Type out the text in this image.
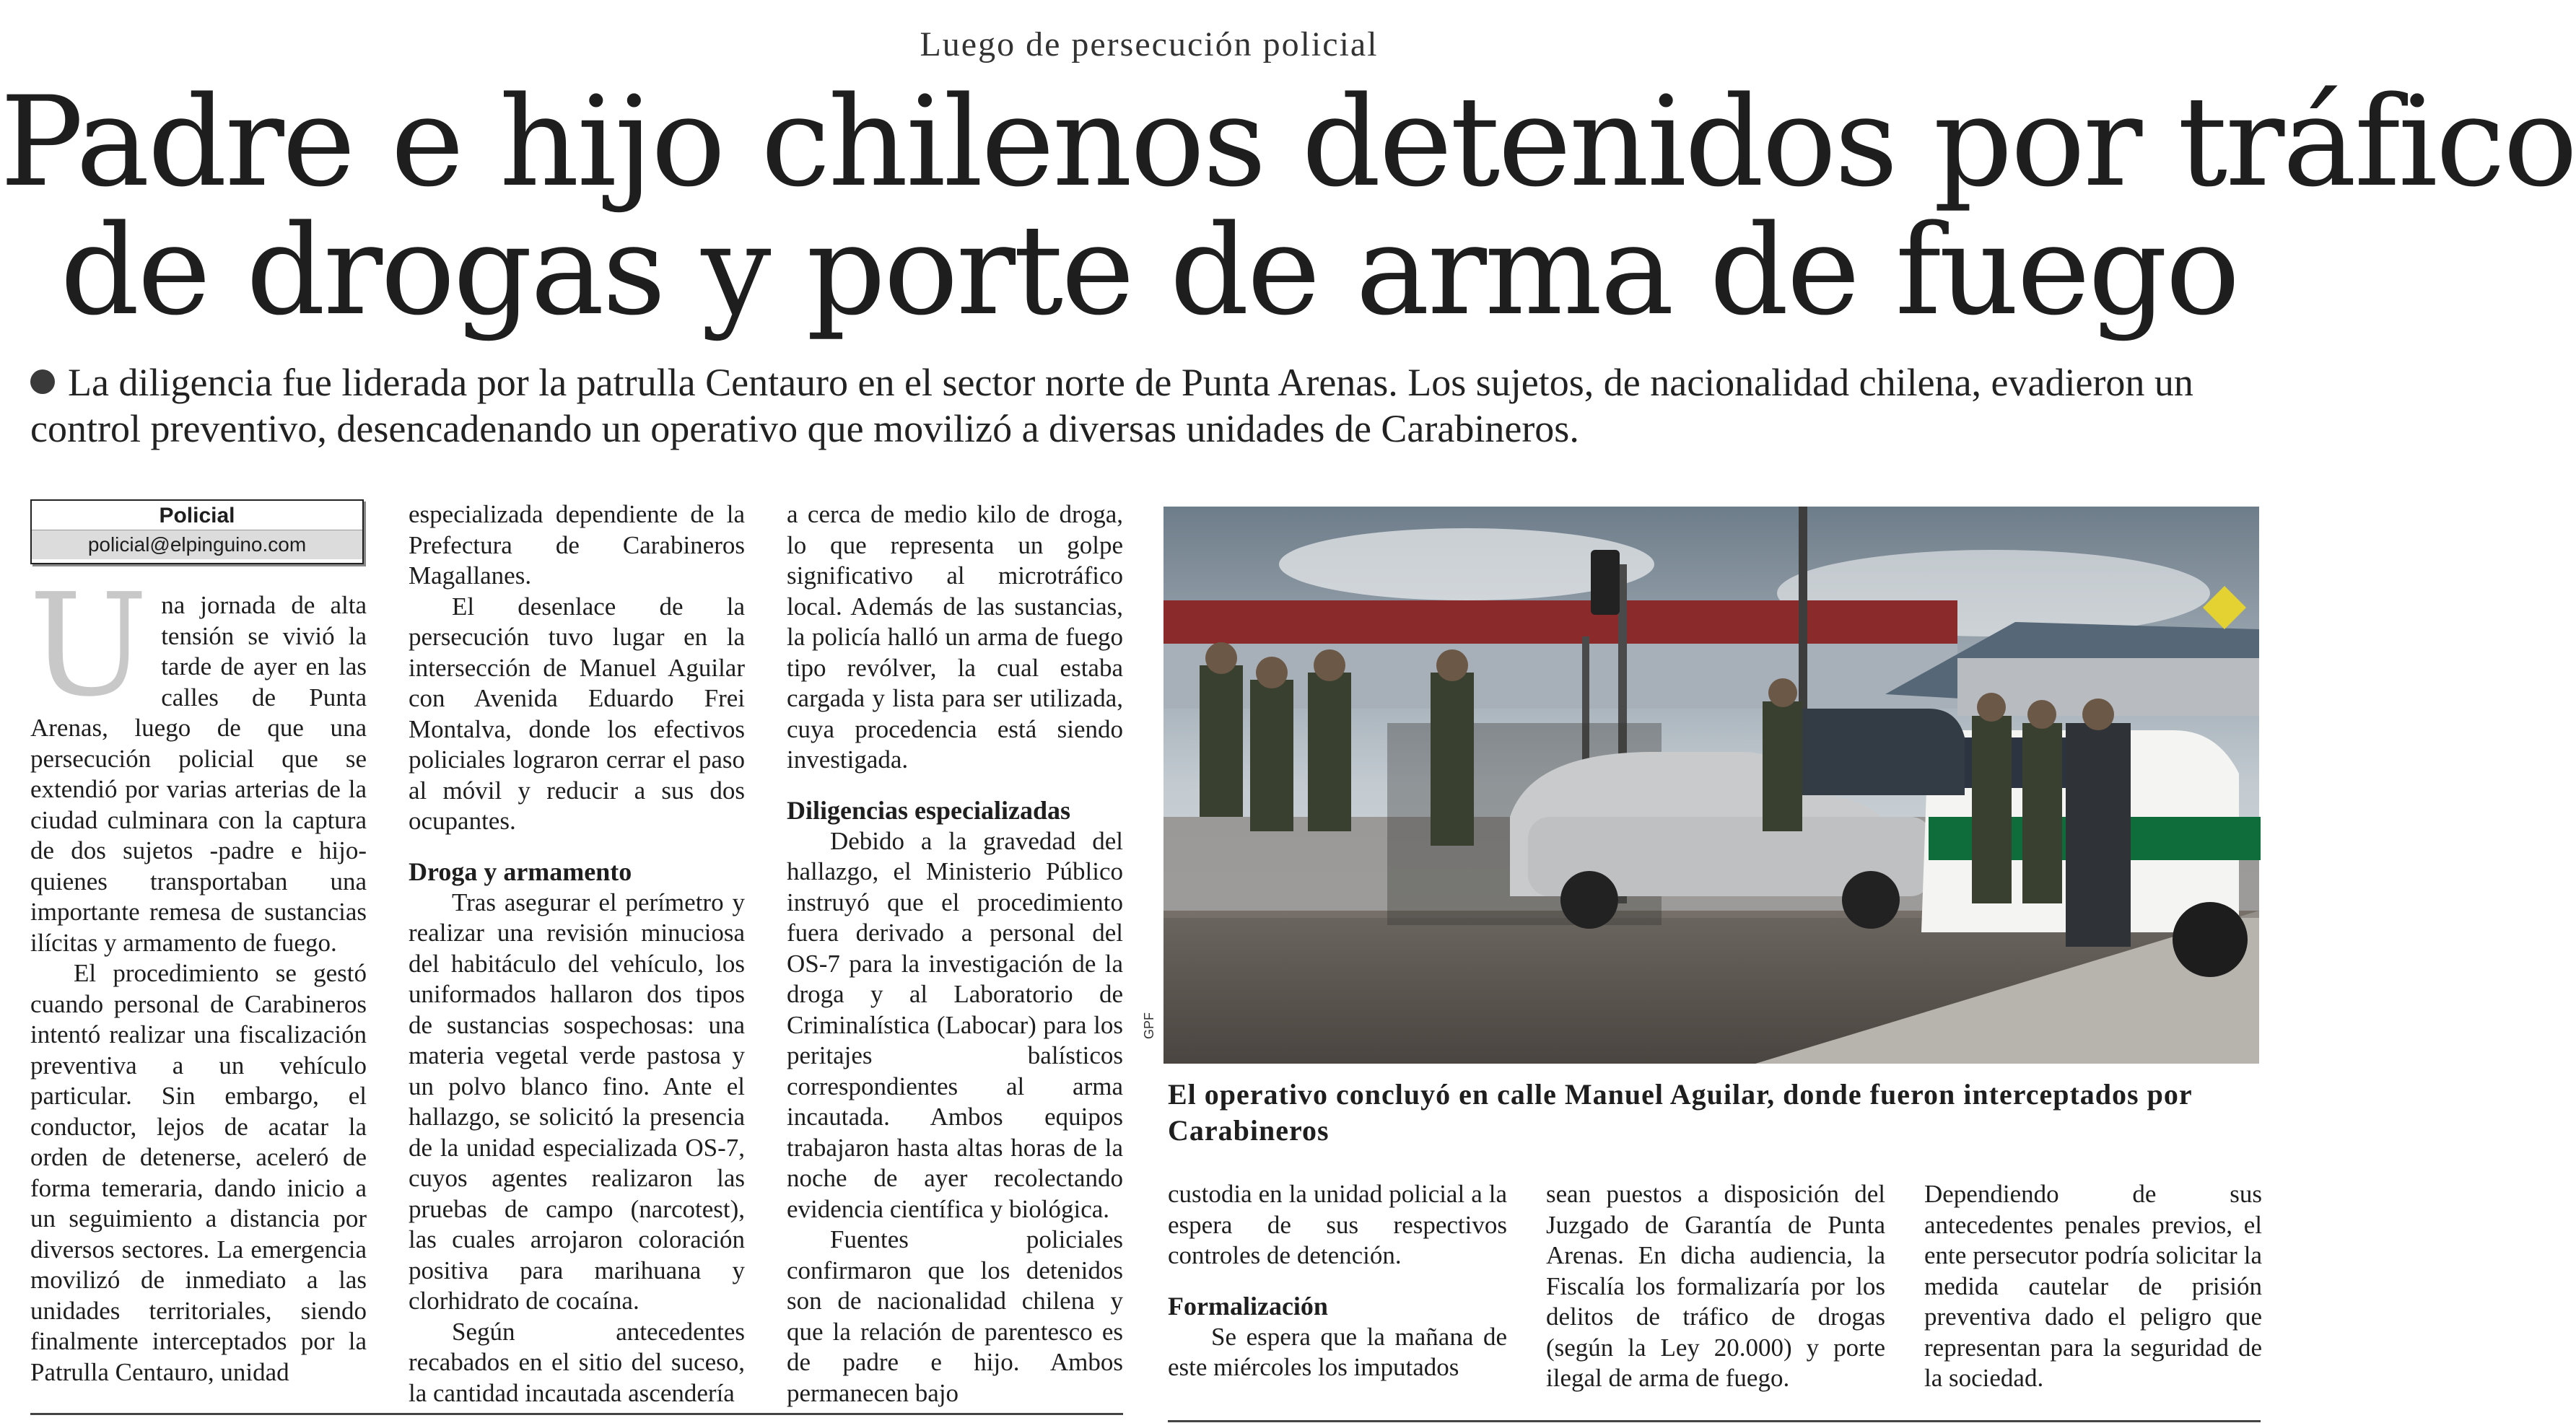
Luego de persecución policial
Padre e hijo chilenos detenidos por tráfico
de drogas y porte de arma de fuego
La diligencia fue liderada por la patrulla Centauro en el sector norte de Punta Arenas. Los sujetos, de nacionalidad chilena, evadieron un control preventivo, desencadenando un operativo que movilizó a diversas unidades de Carabineros.
Policial
policial@elpinguino.com
U na jornada de alta tensión se vivió la tarde de ayer en las calles de Punta Arenas, luego de que una persecución policial que se extendió por varias arterias de la ciudad culminara con la captura de dos sujetos -padre e hijo- quienes transportaban una importante remesa de sustancias ilícitas y armamento de fuego.

El procedimiento se gestó cuando personal de Carabineros intentó realizar una fiscalización preventiva a un vehículo particular. Sin embargo, el conductor, lejos de acatar la orden de detenerse, aceleró de forma temeraria, dando inicio a un seguimiento a distancia por diversos sectores. La emergencia movilizó de inmediato a las unidades territoriales, siendo finalmente interceptados por la Patrulla Centauro, unidad

especializada dependiente de la Prefectura de Carabineros Magallanes.

El desenlace de la persecución tuvo lugar en la intersección de Manuel Aguilar con Avenida Eduardo Frei Montalva, donde los efectivos policiales lograron cerrar el paso al móvil y reducir a sus dos ocupantes.

Droga y armamento

Tras asegurar el perímetro y realizar una revisión minuciosa del habitáculo del vehículo, los uniformados hallaron dos tipos de sustancias sospechosas: una materia vegetal verde pastosa y un polvo blanco fino. Ante el hallazgo, se solicitó la presencia de la unidad especializada OS-7, cuyos agentes realizaron las pruebas de campo (narcotest), las cuales arrojaron coloración positiva para marihuana y clorhidrato de cocaína.

Según antecedentes recabados en el sitio del suceso, la cantidad incautada ascendería

a cerca de medio kilo de droga, lo que representa un golpe significativo al microtráfico local. Además de las sustancias, la policía halló un arma de fuego tipo revólver, la cual estaba cargada y lista para ser utilizada, cuya procedencia está siendo investigada.

Diligencias especializadas

Debido a la gravedad del hallazgo, el Ministerio Público instruyó que el procedimiento fuera derivado a personal del OS-7 para la investigación de la droga y al Laboratorio de Criminalística (Labocar) para los peritajes balísticos correspondientes al arma incautada. Ambos equipos trabajaron hasta altas horas de la noche de ayer recolectando evidencia científica y biológica.

Fuentes policiales confirmaron que los detenidos son de nacionalidad chilena y que la relación de parentesco es de padre e hijo. Ambos permanecen bajo

GPF
El operativo concluyó en calle Manuel Aguilar, donde fueron interceptados por Carabineros

custodia en la unidad policial a la espera de sus respectivos controles de detención.

Formalización

Se espera que la mañana de este miércoles los imputados

sean puestos a disposición del Juzgado de Garantía de Punta Arenas. En dicha audiencia, la Fiscalía los formalizaría por los delitos de tráfico de drogas (según la Ley 20.000) y porte ilegal de arma de fuego.

Dependiendo de sus antecedentes penales previos, el ente persecutor podría solicitar la medida cautelar de prisión preventiva dado el peligro que representan para la seguridad de la sociedad.
